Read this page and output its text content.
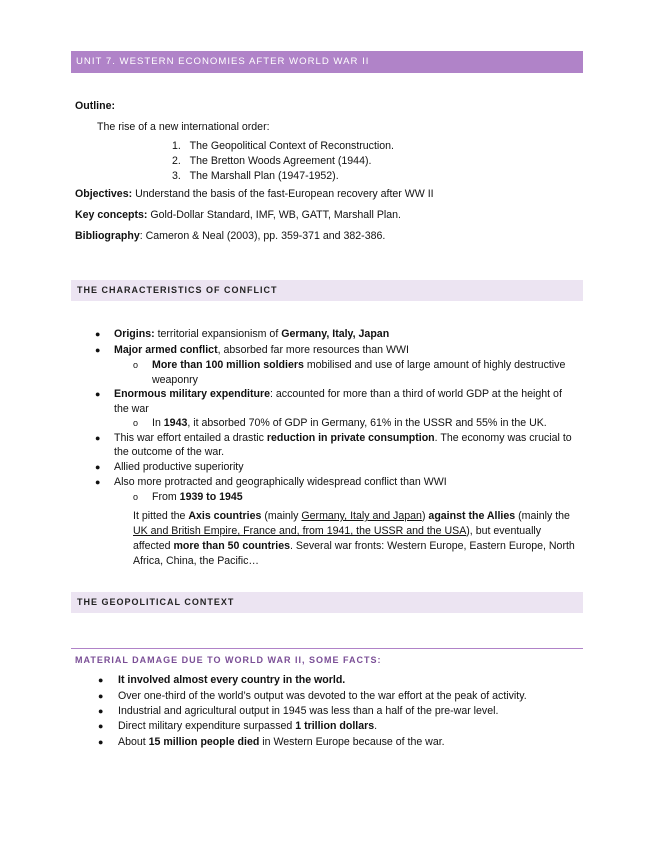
UNIT 7. WESTERN ECONOMIES AFTER WORLD WAR II
Outline:
The rise of a new international order:
1.   The Geopolitical Context of Reconstruction.
2.   The Bretton Woods Agreement (1944).
3.   The Marshall Plan (1947-1952).
Objectives: Understand the basis of the fast-European recovery after WW II
Key concepts: Gold-Dollar Standard, IMF, WB, GATT, Marshall Plan.
Bibliography: Cameron & Neal (2003), pp. 359-371 and 382-386.
THE CHARACTERISTICS OF CONFLICT
● Origins: territorial expansionism of Germany, Italy, Japan
● Major armed conflict, absorbed far more resources than WWI
o More than 100 million soldiers mobilised and use of large amount of highly destructive
weaponry
● Enormous military expenditure: accounted for more than a third of world GDP at the height of
the war
o In 1943, it absorbed 70% of GDP in Germany, 61% in the USSR and 55% in the UK.
● This war effort entailed a drastic reduction in private consumption. The economy was crucial to
the outcome of the war.
● Allied productive superiority
● Also more protracted and geographically widespread conflict than WWI
o From 1939 to 1945
It pitted the Axis countries (mainly Germany, Italy and Japan) against the Allies (mainly the
UK and British Empire, France and, from 1941, the USSR and the USA), but eventually
affected more than 50 countries. Several war fronts: Western Europe, Eastern Europe, North
Africa, China, the Pacific…
THE GEOPOLITICAL CONTEXT
MATERIAL DAMAGE DUE TO WORLD WAR II, SOME FACTS:
● It involved almost every country in the world.
● Over one-third of the world’s output was devoted to the war effort at the peak of activity.
● Industrial and agricultural output in 1945 was less than a half of the pre-war level.
● Direct military expenditure surpassed 1 trillion dollars.
● About 15 million people died in Western Europe because of the war.
